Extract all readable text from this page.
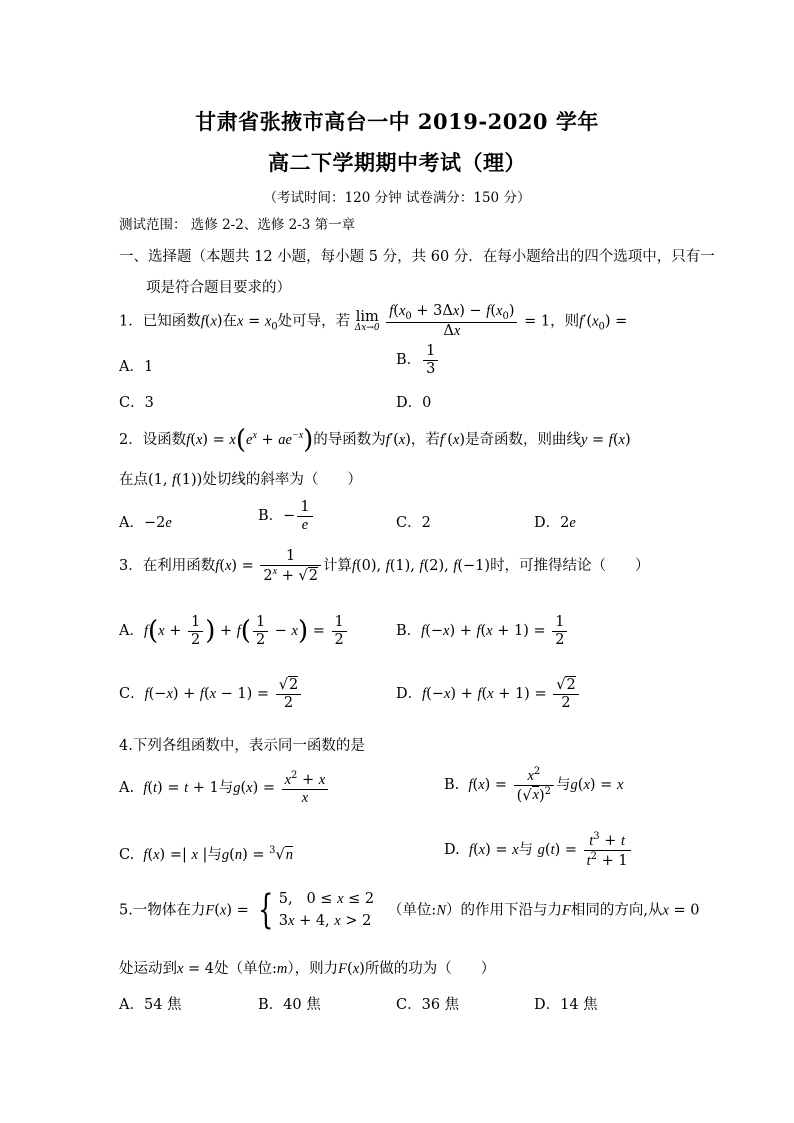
甘肃省张掖市高台一中 2019-2020 学年
高二下学期期中考试（理）
（考试时间：120 分钟 试卷满分：150 分）
测试范围： 选修 2-2、选修 2-3 第一章
一、选择题（本题共 12 小题，每小题 5 分，共 60 分．在每小题给出的四个选项中，只有一
项是符合题目要求的）
1．已知函数f(x)在$x = x_0$处可导，若 lim
Δx→0
$\frac{f(x_0 + 3\Delta x) - f(x_0)}{\Delta x} = 1$，则$f'(x_0)$ =
A．1	B． $\frac{1}{3}$
C．3	D．0
2．设函数$f(x) = x(e^x + ae^{-x})$的导函数为f′(x)，若f′(x)是奇函数，则曲线y = f(x)
在点(1, f(1))处切线的斜率为（　　）
A．−2e	B．− $\frac{1}{e}$	C．2	D．2e
3．在利用函数$f(x) = \frac{1}{2^x + √2}$ 计算f(0), f(1), f(2), f(−1)时，可推得结论（　　）
A．$f(x + \frac{1}{2}$ ) + $f( \frac{1}{2} - x) = \frac{1}{2}$	B．$f(-x) + f(x + 1) = \frac{1}{2}$
C．$f(-x) + f(x - 1) = \frac{√2}{2}$	D．$f(-x) + f(x + 1) = \frac{√2}{2}$
4.下列各组函数中，表示同一函数的是
A. f(t) = t + 1与$g(x) = \frac{x^2 + x}{x}$	B. $f(x) = \frac{x^2}{(√x)^2}$ 与g(x) = x
C. f(x) =| x |与g(n) = $^3$√n	D. f(x) = x与 $g(t) = \frac{t^3 + t}{t^2 + 1}$
5.一物体在力F(x) = { 5,   0 ≤ x ≤ 2
3x + 4, x > 2   （单位:N）的作用下沿与力F相同的方向,从x = 0
处运动到x = 4处（单位:m），则力F(x)所做的功为（　　）
A．54 焦	B．40 焦	C．36 焦	D．14 焦
